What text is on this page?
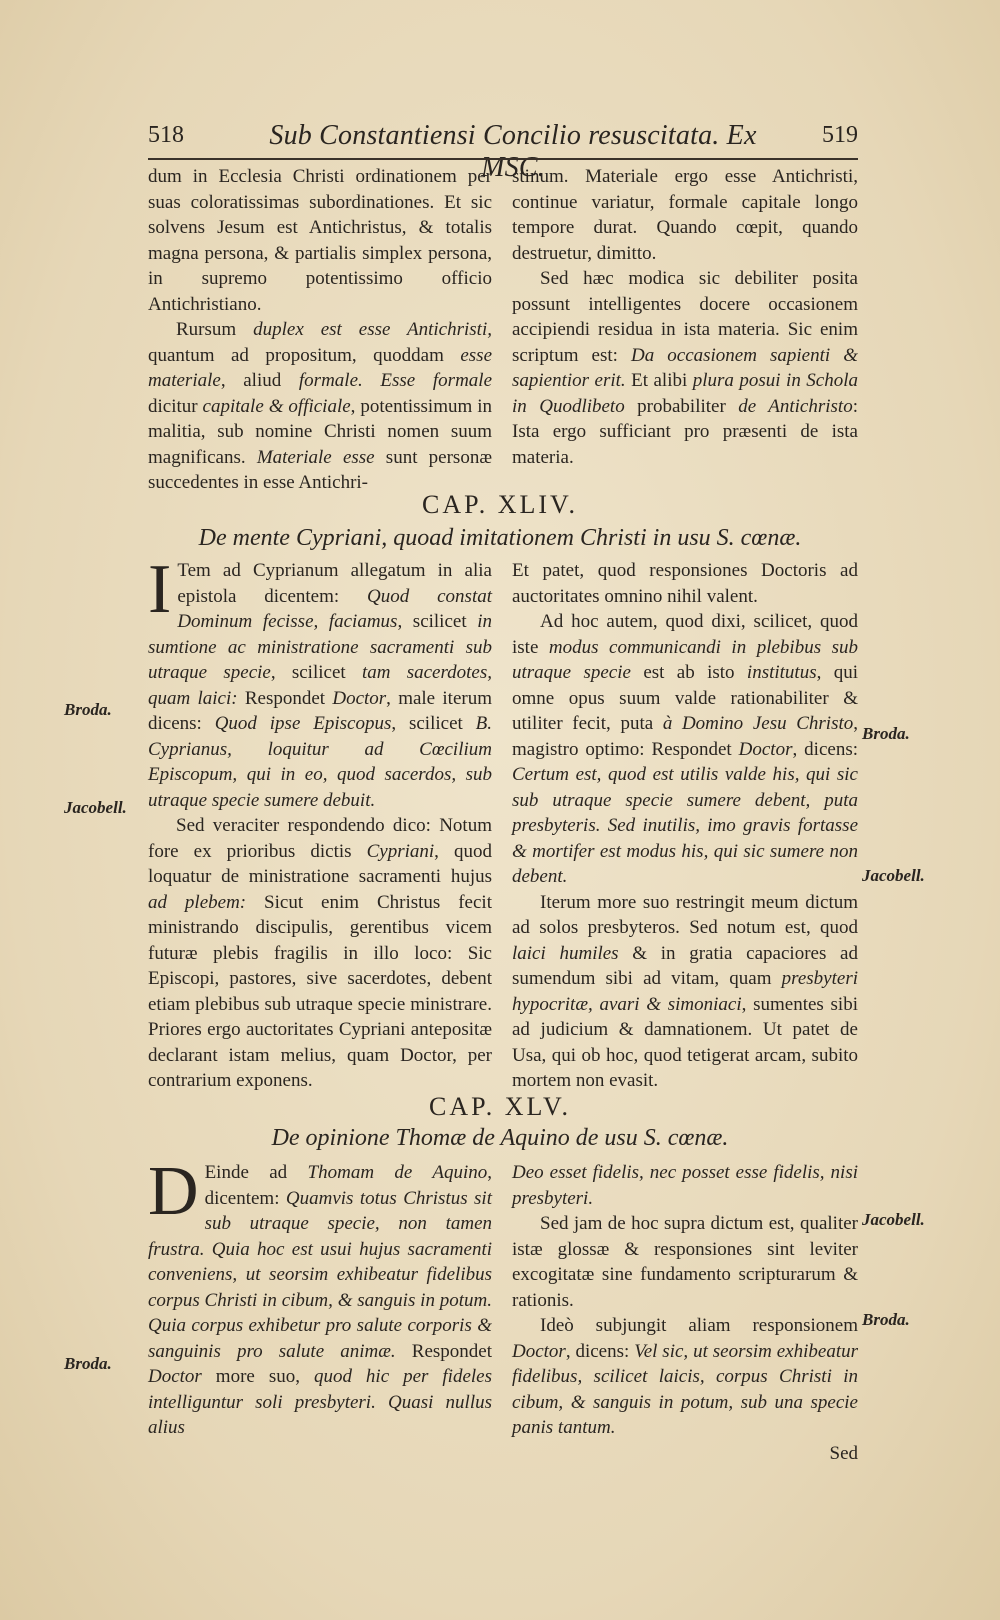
518	Sub Constantiensi Concilio resuscitata. Ex MSC.
519

dum in Ecclesia Christi ordinationem per suas coloratissimas subordinationes. Et sic solvens Jesum est Antichristus, & totalis magna persona, & partialis simplex persona, in supremo potentissimo officio Antichristiano.

Rursum duplex est esse Antichristi, quantum ad propositum, quoddam esse materiale, aliud formale. Esse formale dicitur capitale & officiale, potentissimum in malitia, sub nomine Christi nomen suum magnificans. Materiale esse sunt personæ succedentes in esse Antichri-

stinum. Materiale ergo esse Antichristi, continue variatur, formale capitale longo tempore durat. Quando cœpit, quando destruetur, dimitto.

Sed hæc modica sic debiliter posita possunt intelligentes docere occasionem accipiendi residua in ista materia. Sic enim scriptum est: Da occasionem sapienti & sapientior erit. Et alibi plura posui in Schola in Quodlibeto probabiliter de Antichristo: Ista ergo sufficiant pro præsenti de ista materia.

CAP. XLIV.
De mente Cypriani, quoad imitationem Christi in usu S. cœnæ.

I Tem ad Cyprianum allegatum in alia epistola dicentem: Quod constat Dominum fecisse, faciamus, scilicet in sumtione ac ministratione sacramenti sub utraque specie, scilicet tam sacerdotes, quam laici: Respondet Doctor, male iterum dicens: Quod ipse Episcopus, scilicet B. Cyprianus, loquitur ad Cœcilium Episcopum, qui in eo, quod sacerdos, sub utraque specie sumere debuit.

Sed veraciter respondendo dico: Notum fore ex prioribus dictis Cypriani, quod loquatur de ministratione sacramenti hujus ad plebem: Sicut enim Christus fecit ministrando discipulis, gerentibus vicem futuræ plebis fragilis in illo loco: Sic Episcopi, pastores, sive sacerdotes, debent etiam plebibus sub utraque specie ministrare. Priores ergo auctoritates Cypriani antepositæ declarant istam melius, quam Doctor, per contrarium exponens.

Et patet, quod responsiones Doctoris ad auctoritates omnino nihil valent.

Ad hoc autem, quod dixi, scilicet, quod iste modus communicandi in plebibus sub utraque specie est ab isto institutus, qui omne opus suum valde rationabiliter & utiliter fecit, puta à Domino Jesu Christo, magistro optimo: Respondet Doctor, dicens: Certum est, quod est utilis valde his, qui sic sub utraque specie sumere debent, puta presbyteris. Sed inutilis, imo gravis fortasse & mortifer est modus his, qui sic sumere non debent.

Iterum more suo restringit meum dictum ad solos presbyteros. Sed notum est, quod laici humiles & in gratia capaciores ad sumendum sibi ad vitam, quam presbyteri hypocritæ, avari & simoniaci, sumentes sibi ad judicium & damnationem. Ut patet de Usa, qui ob hoc, quod tetigerat arcam, subito mortem non evasit.

CAP. XLV.
De opinione Thomæ de Aquino de usu S. cœnæ.

D Einde ad Thomam de Aquino, dicentem: Quamvis totus Christus sit sub utraque specie, non tamen frustra. Quia hoc est usui hujus sacramenti conveniens, ut seorsim exhibeatur fidelibus corpus Christi in cibum, & sanguis in potum. Quia corpus exhibetur pro salute corporis & sanguinis pro salute animæ. Respondet Doctor more suo, quod hic per fideles intelliguntur soli presbyteri. Quasi nullus alius

Deo esset fidelis, nec posset esse fidelis, nisi presbyteri.

Sed jam de hoc supra dictum est, qualiter istæ glossæ & responsiones sint leviter excogitatæ sine fundamento scripturarum & rationis.

Ideò subjungit aliam responsionem Doctor, dicens: Vel sic, ut seorsim exhibeatur fidelibus, scilicet laicis, corpus Christi in cibum, & sanguis in potum, sub una specie panis tantum.

Sed

Broda.
Jacobell.
Broda.
Jacobell.
Jacobell.
Broda.
Broda.
